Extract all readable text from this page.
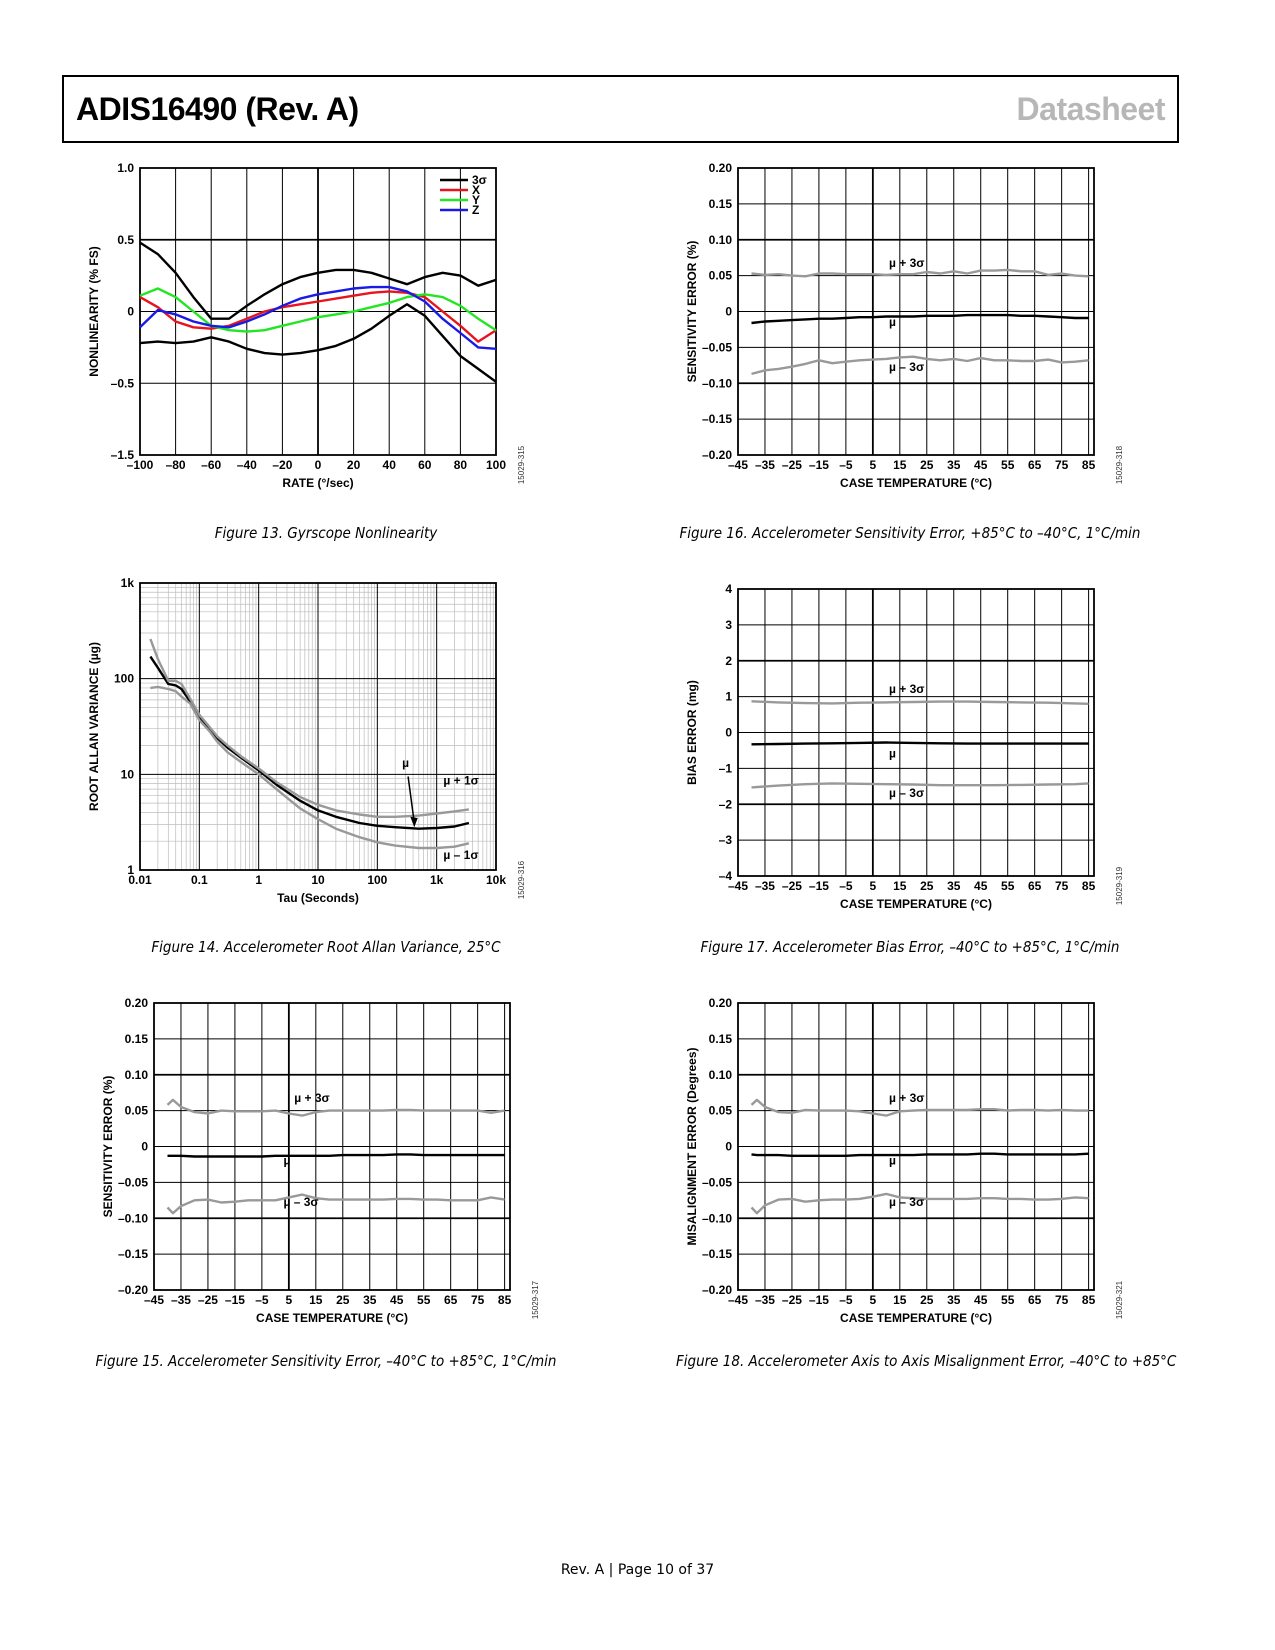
ADIS16490 (Rev. A)	Datasheet
–100 –80 –60 –40 –20 0 20 40 60 80 100
–1.5
–0.5
0
0.5
1.0
RATE (°/sec)
NONLINEARITY (% FS)
15029-315
3σ
X
Y
Z
Figure 13. Gyrscope Nonlinearity
0.01	0.1	1	10	100	1k	10k
1
10
100
1k
Tau (Seconds)
ROOT ALLAN VARIANCE (µg)
15029-316
µ
µ + 1σ
µ – 1σ
Figure 14. Accelerometer Root Allan Variance, 25°C
–45 –35 –25 –15 –5 5 15 25 35 45 55 65 75 85
–0.20
–0.15
–0.10
–0.05
0
0.05
0.10
0.15
0.20
CASE TEMPERATURE (°C)
SENSITIVITY ERROR (%)
15029-317
µ + 3σ
µ
µ – 3σ
Figure 15. Accelerometer Sensitivity Error, –40°C to +85°C, 1°C/min
–45 –35 –25 –15 –5 5 15 25 35 45 55 65 75 85
–0.20
–0.15
–0.10
–0.05
0
0.05
0.10
0.15
0.20
CASE TEMPERATURE (°C)
SENSITIVITY ERROR (%)
15029-318
µ + 3σ
µ
µ – 3σ
Figure 16. Accelerometer Sensitivity Error, +85°C to –40°C, 1°C/min
–45 –35 –25 –15 –5 5 15 25 35 45 55 65 75 85
–4
–3
–2
–1
0
1
2
3
4
CASE TEMPERATURE (°C)
BIAS ERROR (mg)
15029-319
µ + 3σ
µ
µ – 3σ
Figure 17. Accelerometer Bias Error, –40°C to +85°C, 1°C/min
–45 –35 –25 –15 –5 5 15 25 35 45 55 65 75 85
–0.20
–0.15
–0.10
–0.05
0
0.05
0.10
0.15
0.20
CASE TEMPERATURE (°C)
MISALIGNMENT ERROR (Degrees)
15029-321
µ + 3σ
µ
µ – 3σ
Figure 18. Accelerometer Axis to Axis Misalignment Error, –40°C to +85°C
Rev. A | Page 10 of 37
